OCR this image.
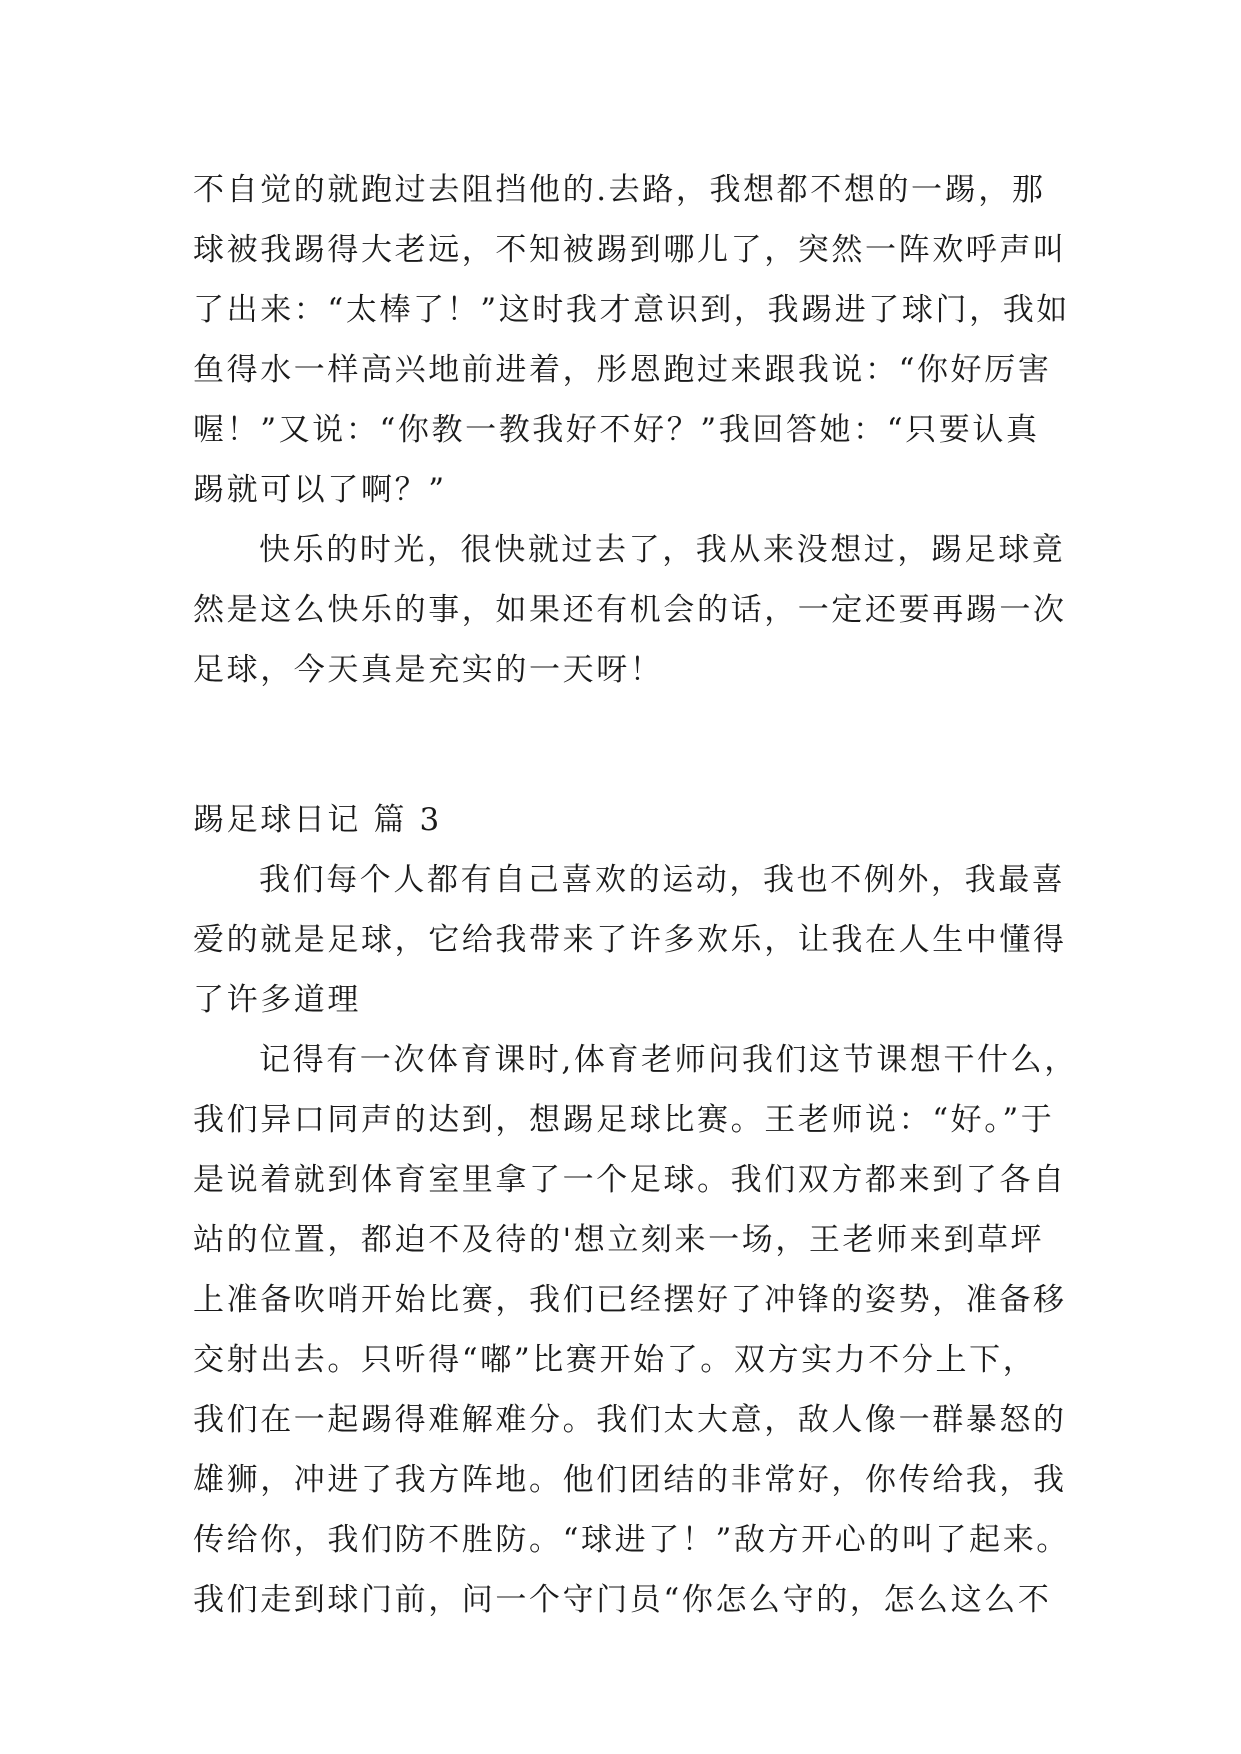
不自觉的就跑过去阻挡他的.去路，我想都不想的一踢，那
球被我踢得大老远，不知被踢到哪儿了，突然一阵欢呼声叫
了出来：“太棒了！”这时我才意识到，我踢进了球门，我如
鱼得水一样高兴地前进着，彤恩跑过来跟我说：“你好厉害
喔！”又说：“你教一教我好不好？”我回答她：“只要认真
踢就可以了啊？”
快乐的时光，很快就过去了，我从来没想过，踢足球竟
然是这么快乐的事，如果还有机会的话，一定还要再踢一次
足球，今天真是充实的一天呀！
踢足球日记 篇 3
我们每个人都有自己喜欢的运动，我也不例外，我最喜
爱的就是足球，它给我带来了许多欢乐，让我在人生中懂得
了许多道理
记得有一次体育课时,体育老师问我们这节课想干什么，
我们异口同声的达到，想踢足球比赛。王老师说：“好。”于
是说着就到体育室里拿了一个足球。我们双方都来到了各自
站的位置，都迫不及待的'想立刻来一场，王老师来到草坪
上准备吹哨开始比赛，我们已经摆好了冲锋的姿势，准备移
交射出去。只听得“嘟”比赛开始了。双方实力不分上下，
我们在一起踢得难解难分。我们太大意，敌人像一群暴怒的
雄狮，冲进了我方阵地。他们团结的非常好，你传给我，我
传给你，我们防不胜防。“球进了！”敌方开心的叫了起来。
我们走到球门前，问一个守门员“你怎么守的，怎么这么不
